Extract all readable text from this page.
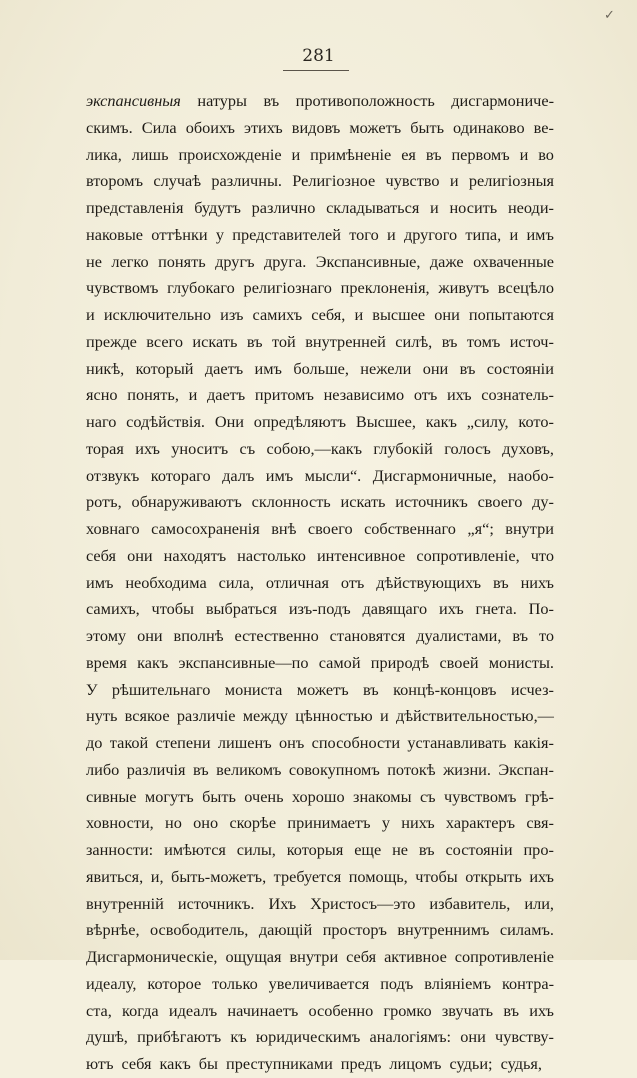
✓
281
экспансивныя натуры въ противоположность дисгармониче-
скимъ. Сила обоихъ этихъ видовъ можетъ быть одинаково ве-
лика, лишь происхожденіе и примѣненіе ея въ первомъ и во
второмъ случаѣ различны. Религіозное чувство и религіозныя
представленія будутъ различно складываться и носить неоди-
наковые оттѣнки у представителей того и другого типа, и имъ
не легко понять другъ друга. Экспансивные, даже охваченные
чувствомъ глубокаго религіознаго преклоненія, живутъ всецѣло
и исключительно изъ самихъ себя, и высшее они попытаются
прежде всего искать въ той внутренней силѣ, въ томъ источ-
никѣ, который даетъ имъ больше, нежели они въ состояніи
ясно понять, и даетъ притомъ независимо отъ ихъ сознатель-
наго содѣйствія. Они опредѣляютъ Высшее, какъ „силу, кото-
торая ихъ уноситъ съ собою,—какъ глубокій голосъ духовъ,
отзвукъ котораго далъ имъ мысли“. Дисгармоничные, наобо-
ротъ, обнаруживаютъ склонность искать источникъ своего ду-
ховнаго самосохраненія внѣ своего собственнаго „я“; внутри
себя они находятъ настолько интенсивное сопротивленіе, что
имъ необходима сила, отличная отъ дѣйствующихъ въ нихъ
самихъ, чтобы выбраться изъ-подъ давящаго ихъ гнета. По-
этому они вполнѣ естественно становятся дуалистами, въ то
время какъ экспансивные—по самой природѣ своей монисты.
У рѣшительнаго мониста можетъ въ концѣ-концовъ исчез-
нуть всякое различіе между цѣнностью и дѣйствительностью,—
до такой степени лишенъ онъ способности устанавливать какія-
либо различія въ великомъ совокупномъ потокѣ жизни. Экспан-
сивные могутъ быть очень хорошо знакомы съ чувствомъ грѣ-
ховности, но оно скорѣе принимаетъ у нихъ характеръ свя-
занности: имѣются силы, которыя еще не въ состояніи про-
явиться, и, быть-можетъ, требуется помощь, чтобы открыть ихъ
внутренній источникъ. Ихъ Христосъ—это избавитель, или,
вѣрнѣе, освободитель, дающій просторъ внутреннимъ силамъ.
Дисгармоническіе, ощущая внутри себя активное сопротивленіе
идеалу, которое только увеличивается подъ вліяніемъ контра-
ста, когда идеалъ начинаетъ особенно громко звучать въ ихъ
душѣ, прибѣгаютъ къ юридическимъ аналогіямъ: они чувству-
ютъ себя какъ бы преступниками предъ лицомъ судьи; судья,
